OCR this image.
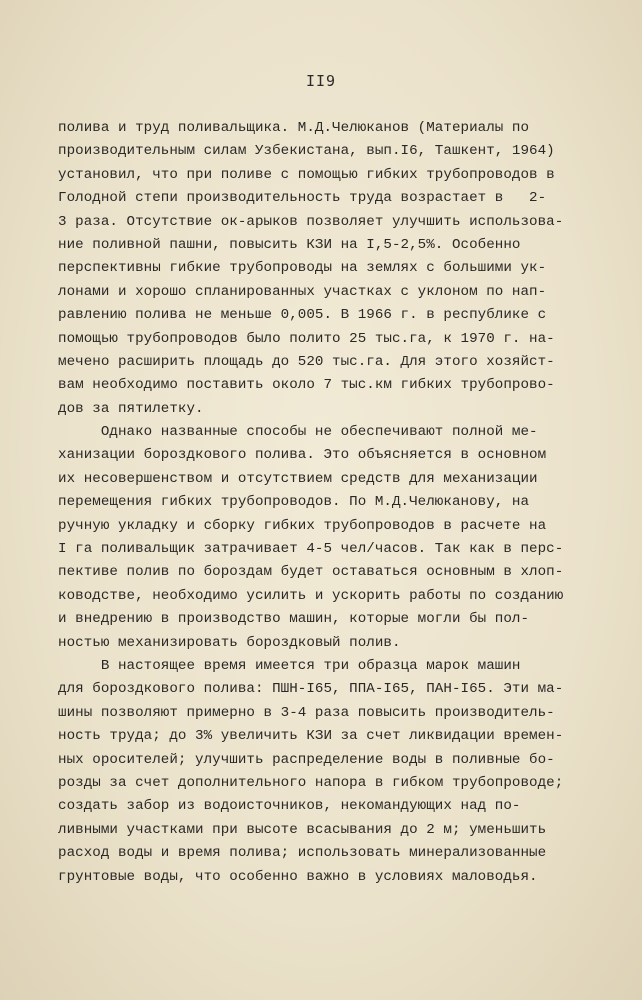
II9
полива и труд поливальщика. М.Д.Челюканов (Материалы по
производительным силам Узбекистана, вып.I6, Ташкент, 1964)
установил, что при поливе с помощью гибких трубопроводов в
Голодной степи производительность труда возрастает в   2-
3 раза. Отсутствие ок-арыков позволяет улучшить использова-
ние поливной пашни, повысить КЗИ на I,5-2,5%. Особенно
перспективны гибкие трубопроводы на землях с большими ук-
лонами и хорошо спланированных участках с уклоном по нап-
равлению полива не меньше 0,005. В 1966 г. в республике с
помощью трубопроводов было полито 25 тыс.га, к 1970 г. на-
мечено расширить площадь до 520 тыс.га. Для этого хозяйст-
вам необходимо поставить около 7 тыс.км гибких трубопрово-
дов за пятилетку.
Однако названные способы не обеспечивают полной ме-
ханизации бороздкового полива. Это объясняется в основном
их несовершенством и отсутствием средств для механизации
перемещения гибких трубопроводов. По М.Д.Челюканову, на
ручную укладку и сборку гибких трубопроводов в расчете на
I га поливальщик затрачивает 4-5 чел/часов. Так как в перс-
пективе полив по бороздам будет оставаться основным в хлоп-
ководстве, необходимо усилить и ускорить работы по созданию
и внедрению в производство машин, которые могли бы пол-
ностью механизировать бороздковый полив.
В настоящее время имеется три образца марок машин
для бороздкового полива: ПШН-I65, ППА-I65, ПАН-I65. Эти ма-
шины позволяют примерно в 3-4 раза повысить производитель-
ность труда; до 3% увеличить КЗИ за счет ликвидации времен-
ных оросителей; улучшить распределение воды в поливные бо-
розды за счет дополнительного напора в гибком трубопроводе;
создать забор из водоисточников, некомандующих над по-
ливными участками при высоте всасывания до 2 м; уменьшить
расход воды и время полива; использовать минерализованные
грунтовые воды, что особенно важно в условиях маловодья.
